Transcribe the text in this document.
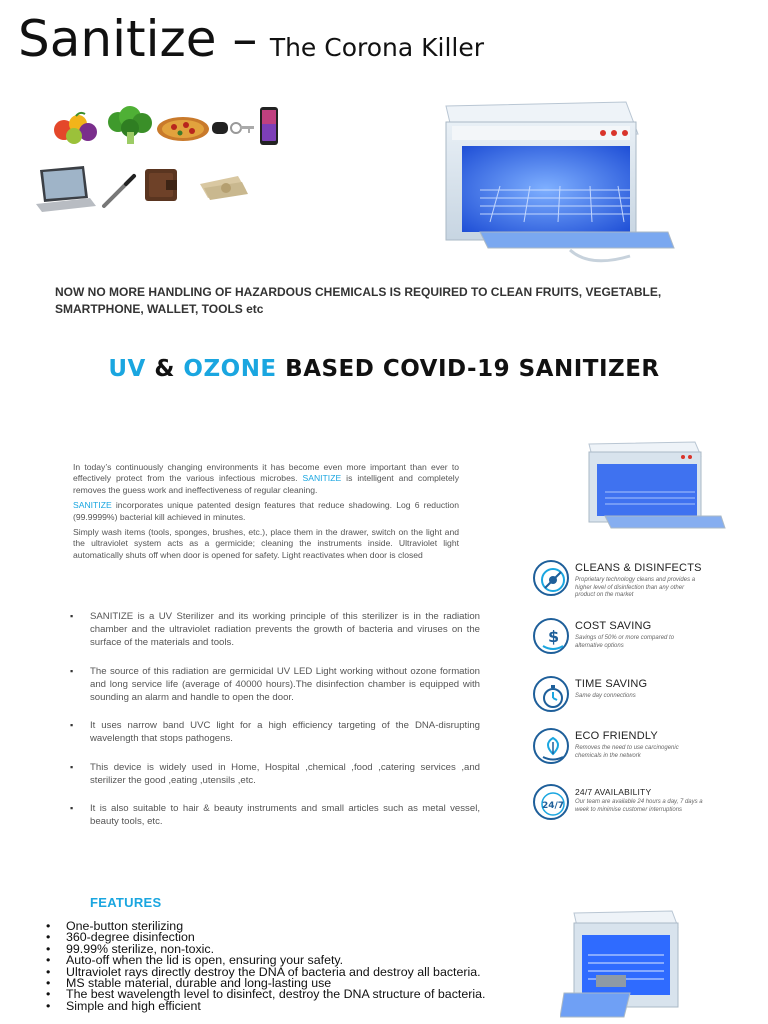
Sanitize – The Corona Killer
NOW NO MORE HANDLING OF HAZARDOUS CHEMICALS IS REQUIRED TO CLEAN FRUITS, VEGETABLE, SMARTPHONE, WALLET, TOOLS etc
UV & OZONE BASED COVID-19 SANITIZER

In today’s continuously changing environments it has become even more important than ever to effectively protect from the various infectious microbes. SANITIZE is intelligent and completely removes the guess work and ineffectiveness of regular cleaning.

SANITIZE incorporates unique patented design features that reduce shadowing. Log 6 reduction (99.9999%) bacterial kill achieved in minutes.

Simply wash items (tools, sponges, brushes, etc.), place them in the drawer, switch on the light and the ultraviolet system acts as a germicide; cleaning the instruments inside. Ultraviolet light automatically shuts off when door is opened for safety. Light reactivates when door is closed

▪ SANITIZE is a UV Sterilizer and its working principle of this sterilizer is in the radiation chamber and the ultraviolet radiation prevents the growth of bacteria and viruses on the surface of the materials and tools.
▪ The source of this radiation are germicidal UV LED Light working without ozone formation and long service life (average of 40000 hours).The disinfection chamber is equipped with sounding an alarm and handle to open the door.
▪ It uses narrow band UVC light for a high efficiency targeting of the DNA-disrupting wavelength that stops pathogens.
▪ This device is widely used in Home, Hospital ,chemical ,food ,catering services ,and sterilizer the good ,eating ,utensils ,etc.
▪ It is also suitable to hair & beauty instruments and small articles such as metal vessel, beauty tools, etc.
CLEANS & DISINFECTS
Proprietary technology cleans and provides a higher level of disinfection than any other product on the market
$
COST SAVING
Savings of 50% or more compared to alternative options
TIME SAVING
Same day connections
ECO FRIENDLY
Removes the need to use carcinogenic chemicals in the network
24/7
24/7 AVAILABILITY
Our team are available 24 hours a day, 7 days a week to minimise customer interruptions
FEATURES
• One-button sterilizing
• 360-degree disinfection
• 99.99% sterilize, non-toxic.
• Auto-off when the lid is open, ensuring your safety.
• Ultraviolet rays directly destroy the DNA of bacteria and destroy all bacteria.
• MS stable material, durable and long-lasting use
• The best wavelength level to disinfect, destroy the DNA structure of bacteria.
• Simple and high efficient
